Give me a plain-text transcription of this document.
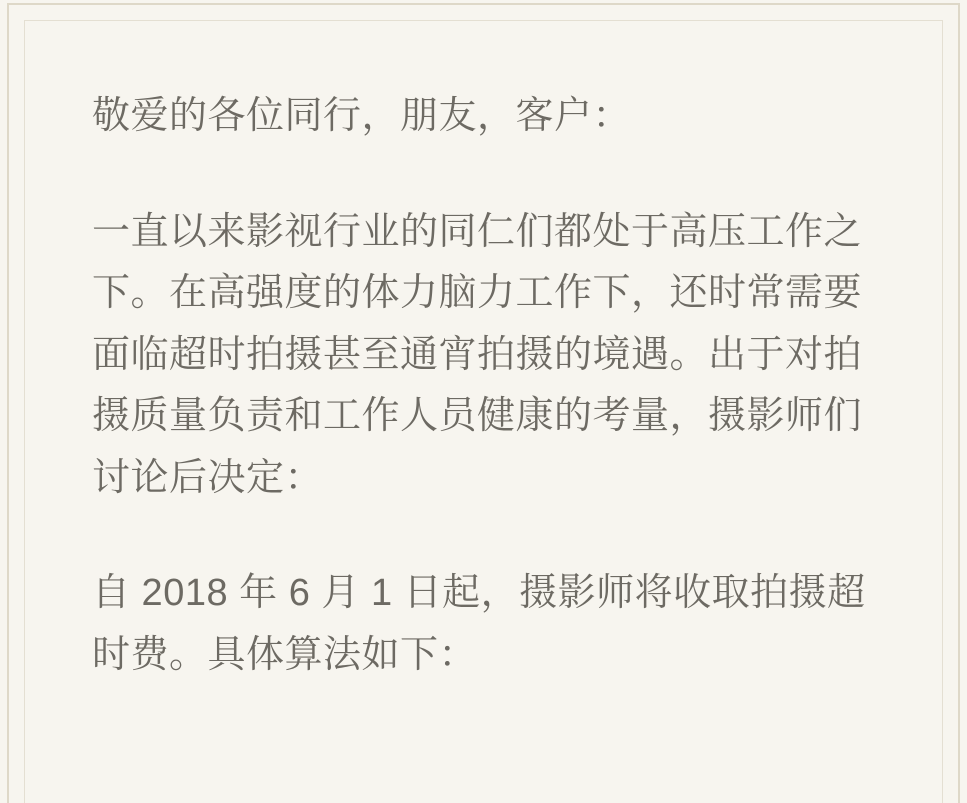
敬爱的各位同行，朋友，客户：

一直以来影视行业的同仁们都处于高压工作之下。在高强度的体力脑力工作下，还时常需要面临超时拍摄甚至通宵拍摄的境遇。出于对拍摄质量负责和工作人员健康的考量，摄影师们讨论后决定：

自 2018 年 6 月 1 日起，摄影师将收取拍摄超时费。具体算法如下：
